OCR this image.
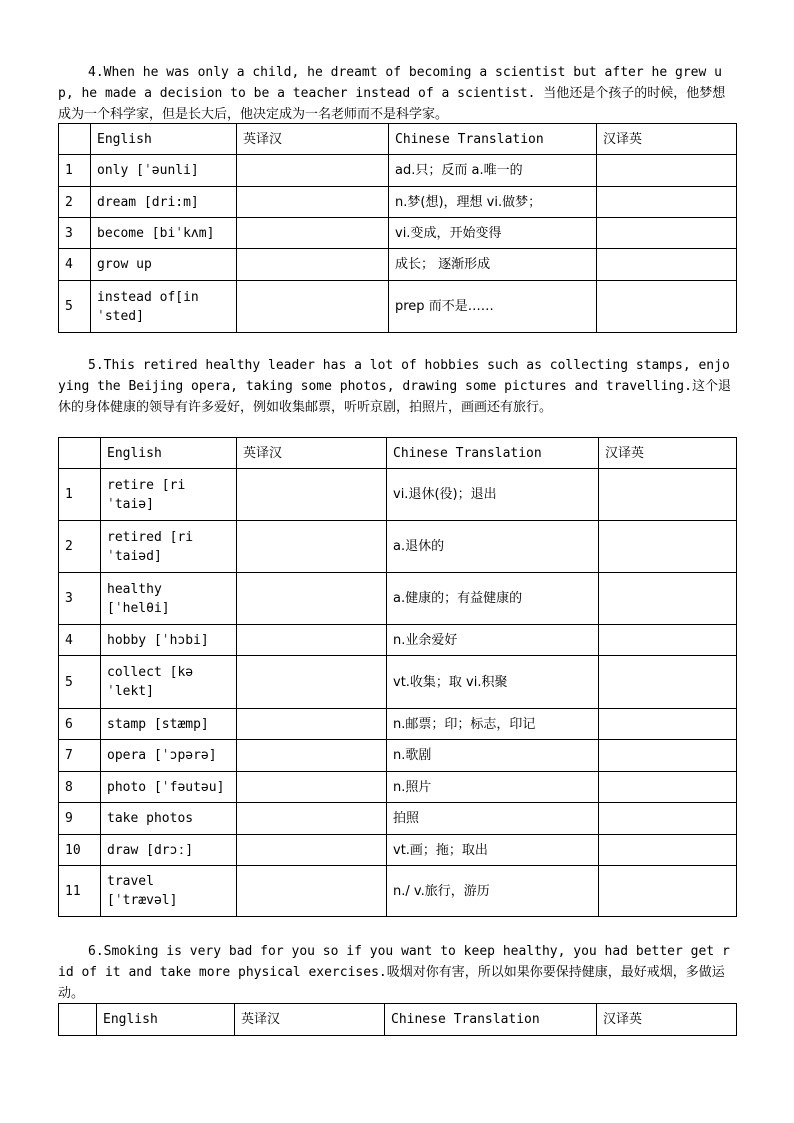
4.When he was only a child, he dreamt of becoming a scientist but after he grew up, he made a decision to be a teacher instead of a scientist. 当他还是个孩子的时候，他梦想成为一个科学家，但是长大后，他决定成为一名老师而不是科学家。

	English	英译汉	Chinese Translation	汉译英
1	only [ˈəunli]		ad.只；反而 a.唯一的	
2	dream [dri:m]		n.梦(想)，理想 vi.做梦；	
3	become [biˈkʌm]		vi.变成，开始变得	
4	grow up		成长； 逐渐形成	
5	instead of[inˈsted]		prep 而不是……	

5.This retired healthy leader has a lot of hobbies such as collecting stamps, enjoying the Beijing opera, taking some photos, drawing some pictures and travelling.这个退休的身体健康的领导有许多爱好，例如收集邮票，听听京剧，拍照片，画画还有旅行。

	English	英译汉	Chinese Translation	汉译英
1	retire [riˈtaiə]		vi.退休(役)；退出	
2	retired [riˈtaiəd]		a.退休的	
3	healthy [ˈhelθi]		a.健康的；有益健康的	
4	hobby [ˈhɔbi]		n.业余爱好	
5	collect [kəˈlekt]		vt.收集；取 vi.积聚	
6	stamp [stæmp]		n.邮票；印；标志，印记	
7	opera [ˈɔpərə]		n.歌剧	
8	photo [ˈfəutəu]		n.照片	
9	take photos		拍照	
10	draw [drɔː]		vt.画；拖；取出	
11	travel [ˈtrævəl]		n./ v.旅行，游历	

6.Smoking is very bad for you so if you want to keep healthy, you had better get rid of it and take more physical exercises.吸烟对你有害，所以如果你要保持健康，最好戒烟，多做运动。

	English	英译汉	Chinese Translation	汉译英
